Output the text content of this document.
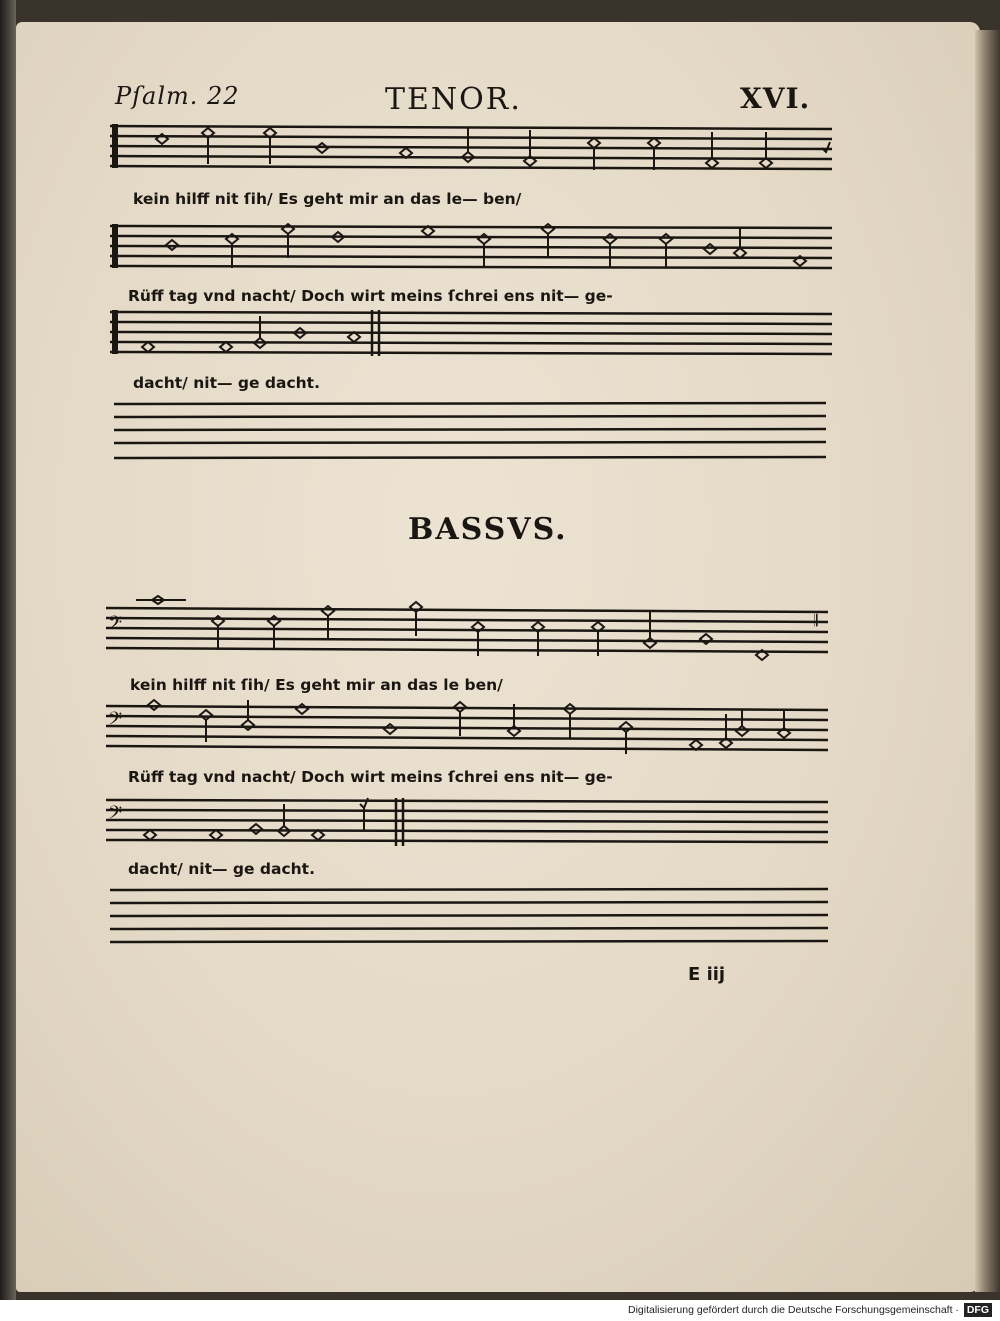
Pſalm. 22	TENOR.	XVI.
kein hilff nit ſih/ Es geht mir an das le— ben/
Rüff tag vnd nacht/ Doch wirt meins ſchrei ens nit— ge-
dacht/ nit— ge dacht.
BASSVS.
𝄢	𝄂
kein hilff nit ſih/ Es geht mir an das le ben/
𝄢
Rüff tag vnd nacht/ Doch wirt meins ſchrei ens nit— ge-
𝄢
dacht/ nit— ge dacht.
E iij
Digitalisierung gefördert durch die Deutsche Forschungsgemeinschaft · DFG
